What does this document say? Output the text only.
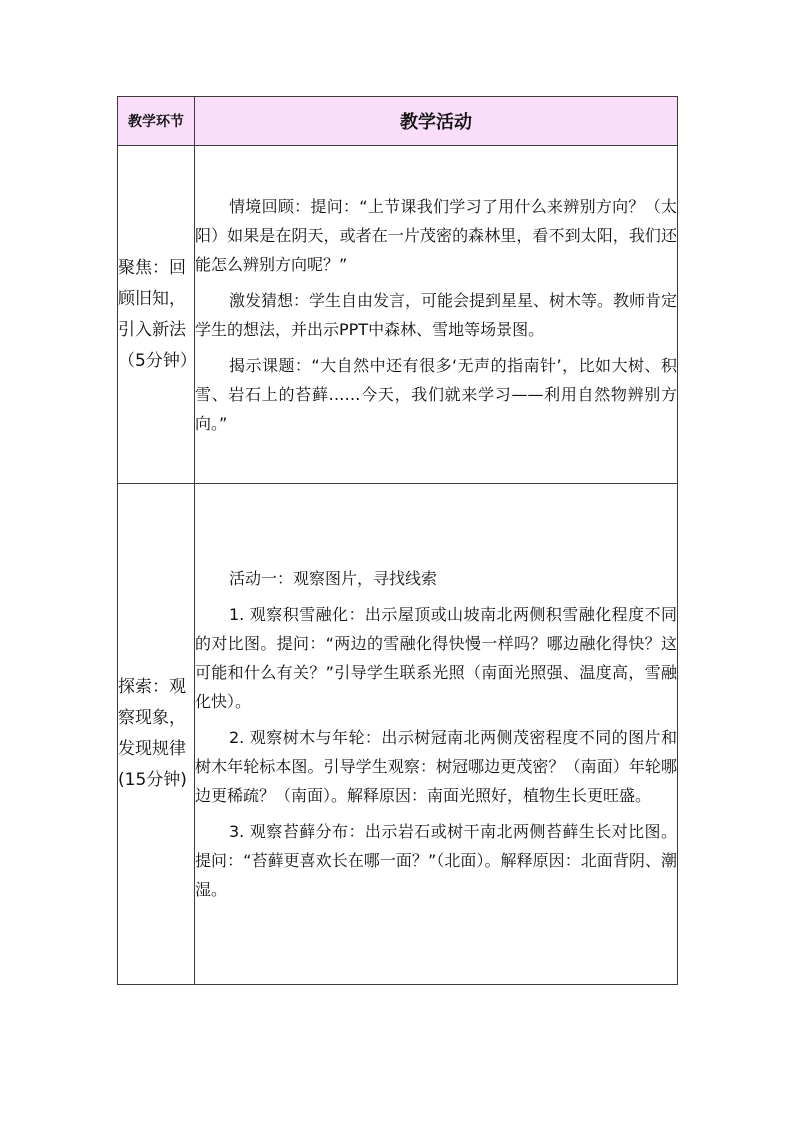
教学环节	教学活动
聚焦：回顾旧知，引入新法（5分钟）	情境回顾：提问：“上节课我们学习了用什么来辨别方向？（太阳）如果是在阴天，或者在一片茂密的森林里，看不到太阳，我们还能怎么辨别方向呢？”

激发猜想：学生自由发言，可能会提到星星、树木等。教师肯定学生的想法，并出示PPT中森林、雪地等场景图。

揭示课题：“大自然中还有很多‘无声的指南针’，比如大树、积雪、岩石上的苔藓……今天，我们就来学习——利用自然物辨别方向。”

探索：观察现象，发现规律(15分钟)	活动一：观察图片，寻找线索

1. 观察积雪融化：出示屋顶或山坡南北两侧积雪融化程度不同的对比图。提问：“两边的雪融化得快慢一样吗？哪边融化得快？这可能和什么有关？”引导学生联系光照（南面光照强、温度高，雪融化快）。

2. 观察树木与年轮：出示树冠南北两侧茂密程度不同的图片和树木年轮标本图。引导学生观察：树冠哪边更茂密？（南面）年轮哪边更稀疏？（南面）。解释原因：南面光照好，植物生长更旺盛。

3. 观察苔藓分布：出示岩石或树干南北两侧苔藓生长对比图。提问：“苔藓更喜欢长在哪一面？”（北面）。解释原因：北面背阴、潮湿。
